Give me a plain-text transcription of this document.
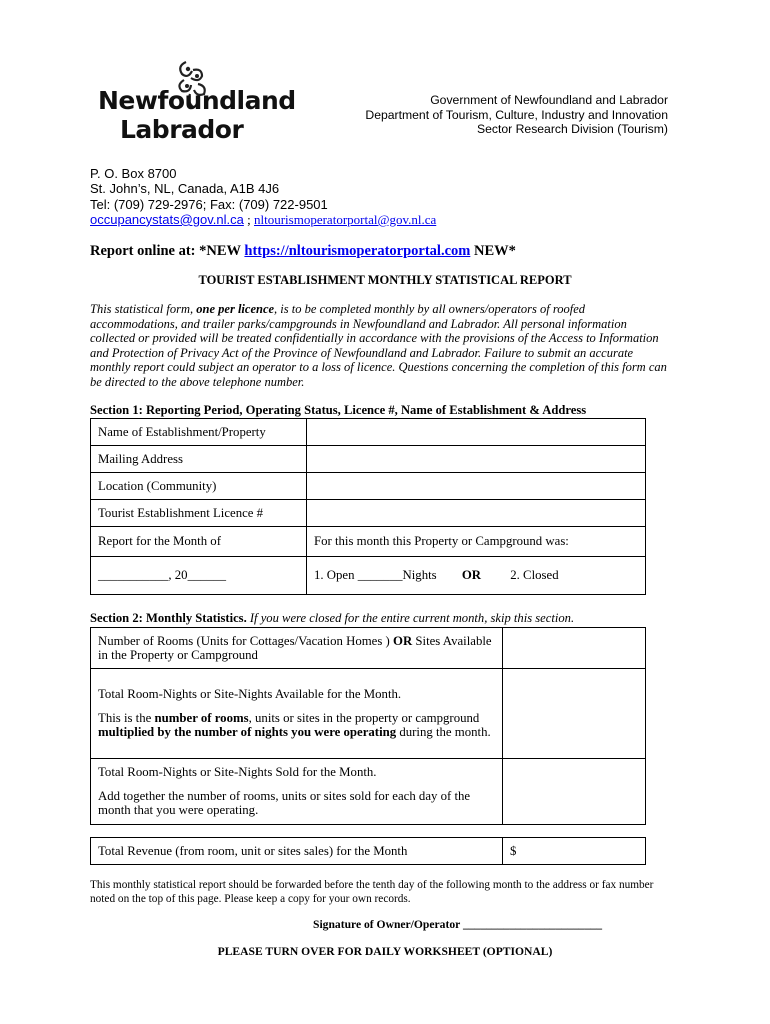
Newfoundland
Labrador
Government of Newfoundland and Labrador
Department of Tourism, Culture, Industry and Innovation
Sector Research Division (Tourism)
P. O. Box 8700
St. John’s, NL, Canada, A1B 4J6
Tel: (709) 729-2976; Fax: (709) 722-9501
occupancystats@gov.nl.ca ; nltourismoperatorportal@gov.nl.ca
Report online at: *NEW https://nltourismoperatorportal.com NEW*
TOURIST ESTABLISHMENT MONTHLY STATISTICAL REPORT
This statistical form, one per licence, is to be completed monthly by all owners/operators of roofed accommodations, and trailer parks/campgrounds in Newfoundland and Labrador. All personal information collected or provided will be treated confidentially in accordance with the provisions of the Access to Information and Protection of Privacy Act of the Province of Newfoundland and Labrador. Failure to submit an accurate monthly report could subject an operator to a loss of licence. Questions concerning the completion of this form can be directed to the above telephone number.
Section 1: Reporting Period, Operating Status, Licence #, Name of Establishment & Address
Name of Establishment/Property	
Mailing Address	
Location (Community)	
Tourist Establishment Licence #	
Report for the Month of	For this month this Property or Campground was:
___________, 20______	1. Open _______Nights OR 2. Closed
Section 2: Monthly Statistics. If you were closed for the entire current month, skip this section.
Number of Rooms (Units for Cottages/Vacation Homes ) OR Sites Available in the Property or Campground	

Total Room-Nights or Site-Nights Available for the Month.

This is the number of rooms, units or sites in the property or campground multiplied by the number of nights you were operating during the month.	

Total Room-Nights or Site-Nights Sold for the Month.

Add together the number of rooms, units or sites sold for each day of the month that you were operating.	

Total Revenue (from room, unit or sites sales) for the Month	$
This monthly statistical report should be forwarded before the tenth day of the following month to the address or fax number noted on the top of this page. Please keep a copy for your own records.
Signature of Owner/Operator ________________________
PLEASE TURN OVER FOR DAILY WORKSHEET (OPTIONAL)
